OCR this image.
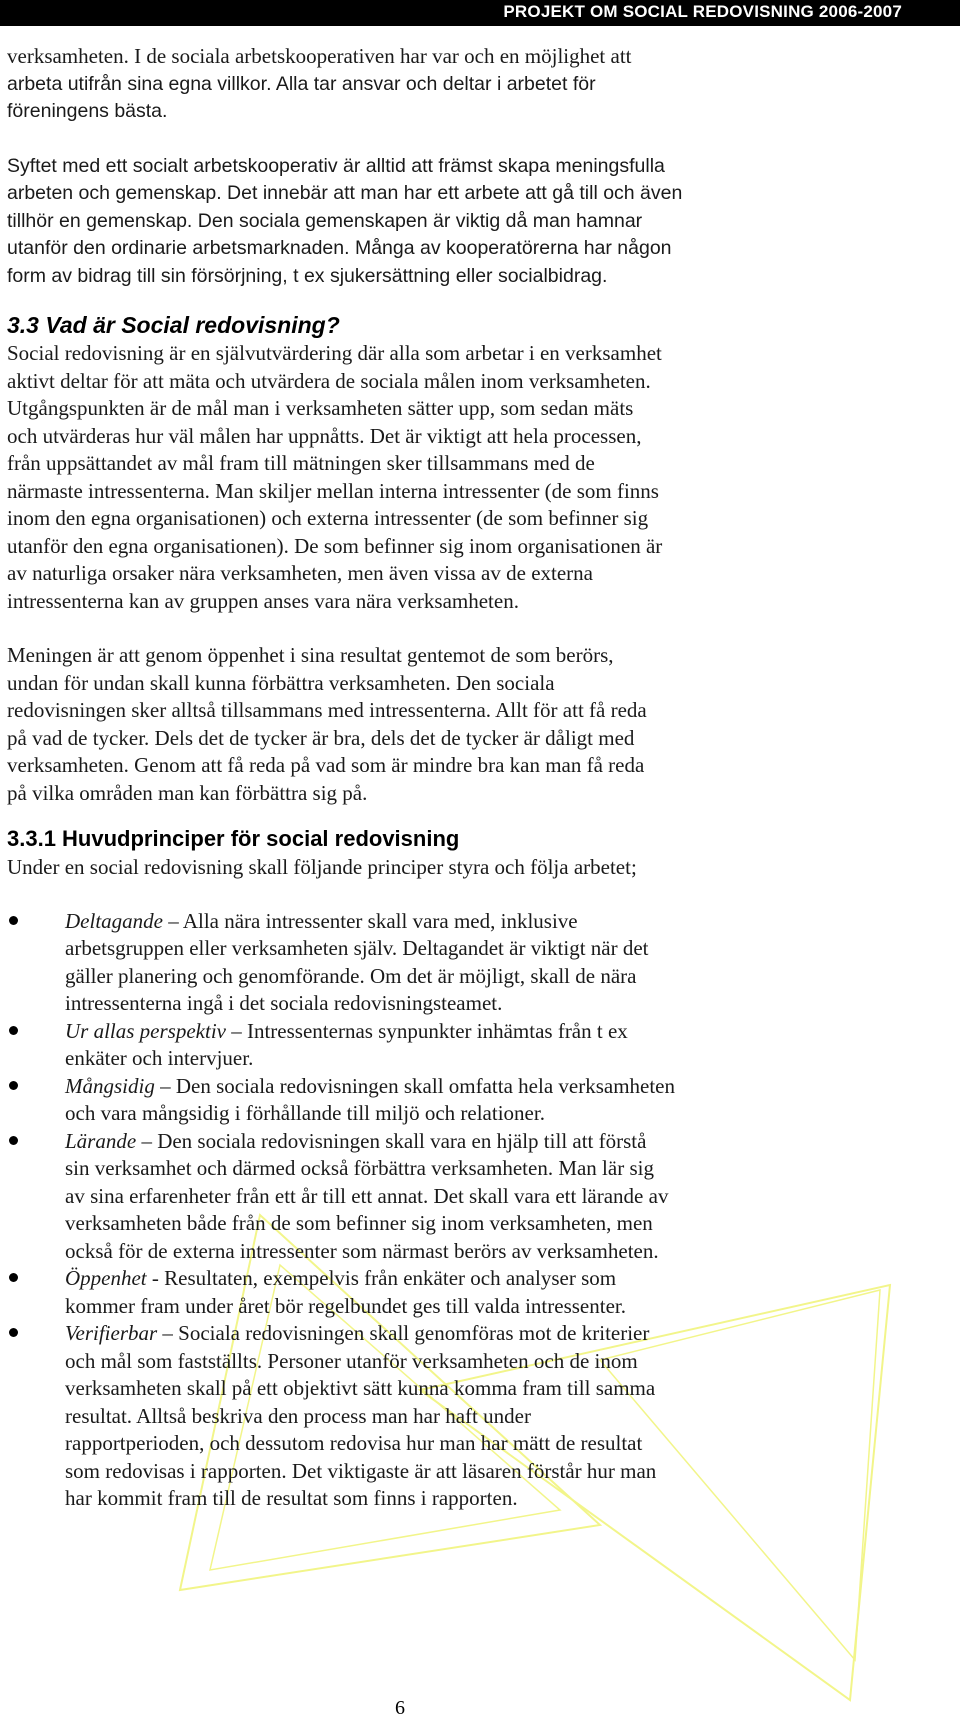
PROJEKT OM SOCIAL REDOVISNING 2006-2007
verksamheten. I de sociala arbetskooperativen har var och en möjlighet att
arbeta utifrån sina egna villkor. Alla tar ansvar och deltar i arbetet för
föreningens bästa.
Syftet med ett socialt arbetskooperativ är alltid att främst skapa meningsfulla
arbeten och gemenskap. Det innebär att man har ett arbete att gå till och även
tillhör en gemenskap. Den sociala gemenskapen är viktig då man hamnar
utanför den ordinarie arbetsmarknaden. Många av kooperatörerna har någon
form av bidrag till sin försörjning, t ex sjukersättning eller socialbidrag.
3.3 Vad är Social redovisning?
Social redovisning är en självutvärdering där alla som arbetar i en verksamhet
aktivt deltar för att mäta och utvärdera de sociala målen inom verksamheten.
Utgångspunkten är de mål man i verksamheten sätter upp, som sedan mäts
och utvärderas hur väl målen har uppnåtts. Det är viktigt att hela processen,
från uppsättandet av mål fram till mätningen sker tillsammans med de
närmaste intressenterna. Man skiljer mellan interna intressenter (de som finns
inom den egna organisationen) och externa intressenter (de som befinner sig
utanför den egna organisationen). De som befinner sig inom organisationen är
av naturliga orsaker nära verksamheten, men även vissa av de externa
intressenterna kan av gruppen anses vara nära verksamheten.
Meningen är att genom öppenhet i sina resultat gentemot de som berörs,
undan för undan skall kunna förbättra verksamheten. Den sociala
redovisningen sker alltså tillsammans med intressenterna. Allt för att få reda
på vad de tycker. Dels det de tycker är bra, dels det de tycker är dåligt med
verksamheten. Genom att få reda på vad som är mindre bra kan man få reda
på vilka områden man kan förbättra sig på.
3.3.1 Huvudprinciper för social redovisning
Under en social redovisning skall följande principer styra och följa arbetet;
Deltagande – Alla nära intressenter skall vara med, inklusive
arbetsgruppen eller verksamheten själv. Deltagandet är viktigt när det
gäller planering och genomförande. Om det är möjligt, skall de nära
intressenterna ingå i det sociala redovisningsteamet.
Ur allas perspektiv – Intressenternas synpunkter inhämtas från t ex
enkäter och intervjuer.
Mångsidig – Den sociala redovisningen skall omfatta hela verksamheten
och vara mångsidig i förhållande till miljö och relationer.
Lärande – Den sociala redovisningen skall vara en hjälp till att förstå
sin verksamhet och därmed också förbättra verksamheten. Man lär sig
av sina erfarenheter från ett år till ett annat. Det skall vara ett lärande av
verksamheten både från de som befinner sig inom verksamheten, men
också för de externa intressenter som närmast berörs av verksamheten.
Öppenhet - Resultaten, exempelvis från enkäter och analyser som
kommer fram under året bör regelbundet ges till valda intressenter.
Verifierbar – Sociala redovisningen skall genomföras mot de kriterier
och mål som fastställts. Personer utanför verksamheten och de inom
verksamheten skall på ett objektivt sätt kunna komma fram till samma
resultat. Alltså beskriva den process man har haft under
rapportperioden, och dessutom redovisa hur man har mätt de resultat
som redovisas i rapporten. Det viktigaste är att läsaren förstår hur man
har kommit fram till de resultat som finns i rapporten.
6
